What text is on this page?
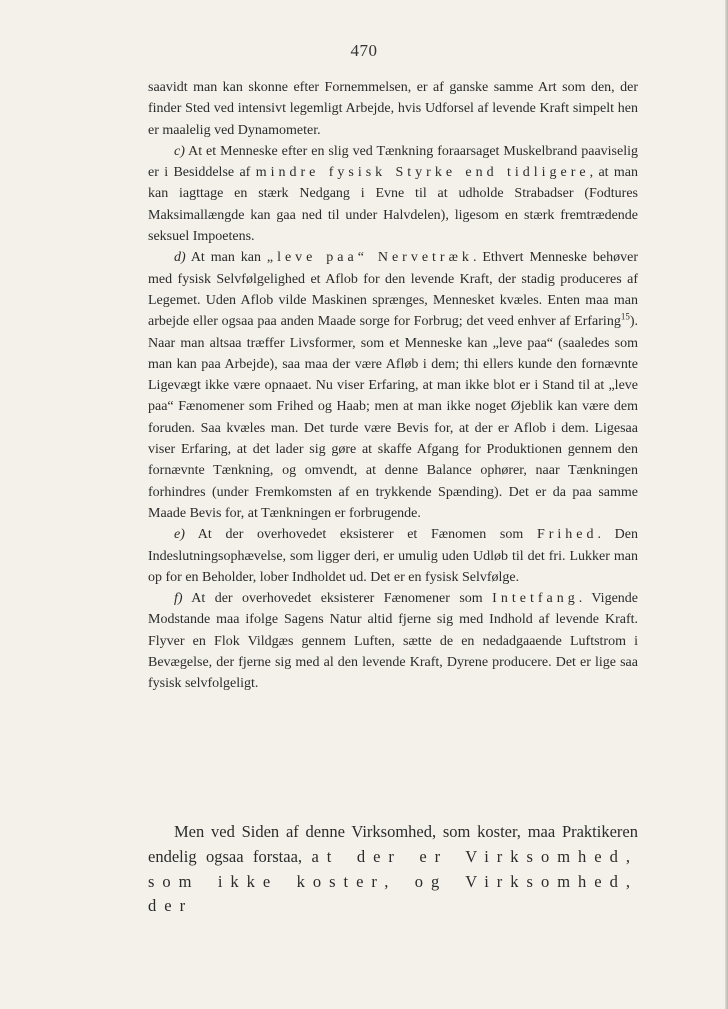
470

saavidt man kan skonne efter Fornemmelsen, er af ganske samme Art som den, der finder Sted ved intensivt legemligt Arbejde, hvis Udforsel af levende Kraft simpelt hen er maalelig ved Dynamometer.

c) At et Menneske efter en slig ved Tænkning foraarsaget Muskelbrand paaviselig er i Besiddelse af mindre fysisk Styrke end tidligere, at man kan iagttage en stærk Nedgang i Evne til at udholde Strabadser (Fodtures Maksimallængde kan gaa ned til under Halvdelen), ligesom en stærk fremtrædende seksuel Impoetens.

d) At man kan „leve paa“ Nervetræk. Ethvert Menneske behøver med fysisk Selvfølgelighed et Aflob for den levende Kraft, der stadig produceres af Legemet. Uden Aflob vilde Maskinen sprænges, Mennesket kvæles. Enten maa man arbejde eller ogsaa paa anden Maade sorge for Forbrug; det veed enhver af Erfaring$^{15}$). Naar man altsaa træffer Livsformer, som et Menneske kan „leve paa“ (saaledes som man kan paa Arbejde), saa maa der være Afløb i dem; thi ellers kunde den fornævnte Ligevægt ikke være opnaaet. Nu viser Erfaring, at man ikke blot er i Stand til at „leve paa“ Fænomener som Frihed og Haab; men at man ikke noget Øjeblik kan være dem foruden. Saa kvæles man. Det turde være Bevis for, at der er Aflob i dem. Ligesaa viser Erfaring, at det lader sig gøre at skaffe Afgang for Produktionen gennem den fornævnte Tænkning, og omvendt, at denne Balance ophører, naar Tænkningen forhindres (under Fremkomsten af en trykkende Spænding). Det er da paa samme Maade Bevis for, at Tænkningen er forbrugende.

e) At der overhovedet eksisterer et Fænomen som Frihed. Den Indeslutningsophævelse, som ligger deri, er umulig uden Udløb til det fri. Lukker man op for en Beholder, lober Indholdet ud. Det er en fysisk Selvfølge.

f) At der overhovedet eksisterer Fænomener som Intetfang. Vigende Modstande maa ifolge Sagens Natur altid fjerne sig med Indhold af levende Kraft. Flyver en Flok Vildgæs gennem Luften, sætte de en nedadgaaende Luftstrom i Bevægelse, der fjerne sig med al den levende Kraft, Dyrene producere. Det er lige saa fysisk selvfolgeligt.

Men ved Siden af denne Virksomhed, som koster, maa Praktikeren endelig ogsaa forstaa, at der er Virksomhed, som ikke koster, og Virksomhed, der
